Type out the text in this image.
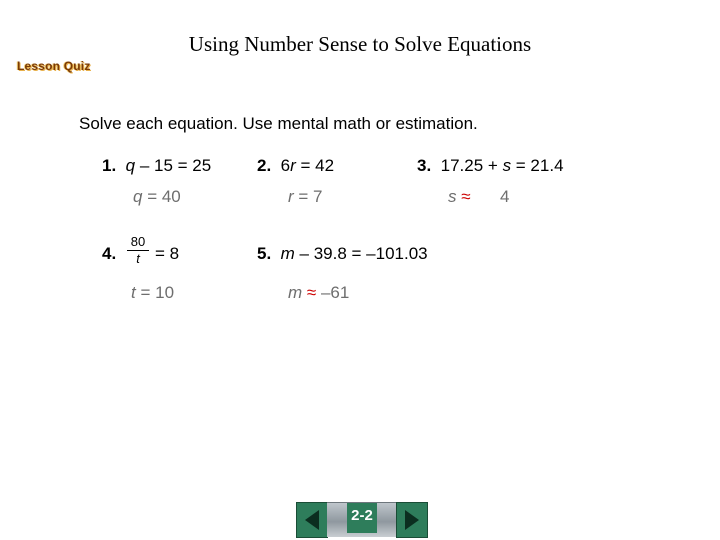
Using Number Sense to Solve Equations
Lesson Quiz
Solve each equation. Use mental math or estimation.
1. q – 15 = 25
q = 40
2. 6r = 42
r = 7
3. 17.25 + s = 21.4
s ≈ 4
4.
80
t = 8
t = 10
5. m – 39.8 = –101.03
m ≈ –61
2-2
